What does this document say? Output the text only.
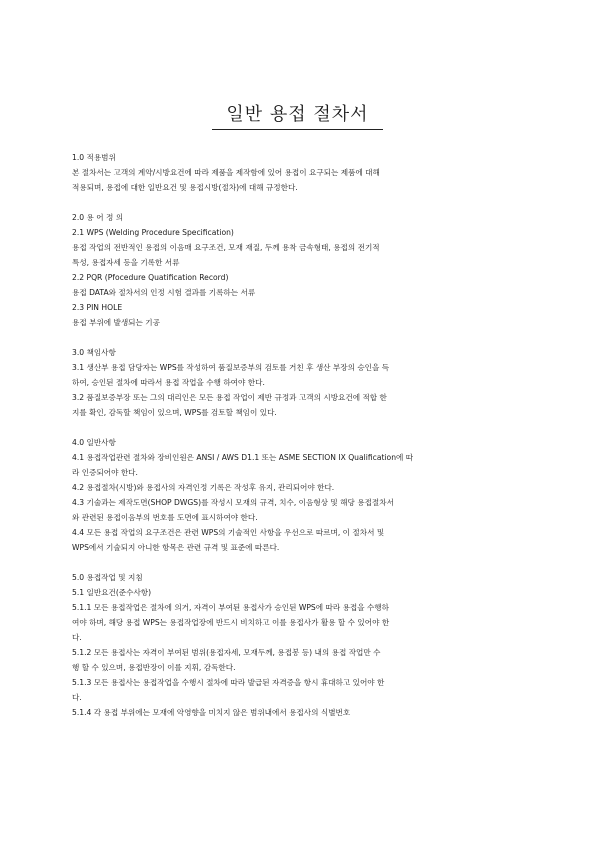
일반 용접 절차서
1.0 적용범위
본 절차서는 고객의 계약/시방요건에 따라 제품을 제작함에 있어 용접이 요구되는 제품에 대해
적용되며, 용접에 대한 일반요건 및 용접시방(절차)에 대해 규정한다.
2.0 용 어 정 의
2.1 WPS (Welding Procedure Specification)
용접 작업의 전반적인 용접의 이음매 요구조건, 모재 재질, 두께 용착 금속형태, 용접의 전기적
특성, 용접자세 등을 기록한 서류
2.2 PQR (Pfocedure Quatification Record)
용접 DATA와 절차서의 인정 시험 결과를 기록하는 서류
2.3 PIN HOLE
용접 부위에 발생되는 기공
3.0 책임사항
3.1 생산부 용접 담당자는 WPS를 작성하여 품질보증부의 검토를 거친 후 생산 부장의 승인을 득
하여, 승인된 절차에 따라서 용접 작업을 수행 하여야 한다.
3.2 품질보증부장 또는 그의 대리인은 모든 용접 작업이 제반 규정과 고객의 시방요건에 적합 한
지를 확인, 감독할 책임이 있으며, WPS를 검토할 책임이 있다.
4.0 일반사항
4.1 용접작업관련 절차와 장비인원은 ANSI / AWS D1.1 또는 ASME SECTION IX Qualification에 따
라 인증되어야 한다.
4.2 용접절차(시방)와 용접사의 자격인정 기록은 작성후 유지, 관리되어야 한다.
4.3 기술과는 제작도면(SHOP DWGS)를 작성시 모재의 규격, 치수, 이음형상 및 해당 용접절차서
와 관련된 용접이음부의 번호를 도면에 표시하여야 한다.
4.4 모든 용접 작업의 요구조건은 관련 WPS의 기술적인 사항을 우선으로 따르며, 이 절차서 및
WPS에서 기술되지 아니한 항목은 관련 규격 및 표준에 따른다.
5.0 용접작업 및 지침
5.1 일반요건(준수사항)
5.1.1 모든 용접작업은 절차에 의거, 자격이 부여된 용접사가 승인된 WPS에 따라 용접을 수행하
여야 하며, 해당 용접 WPS는 용접작업장에 반드시 비치하고 이를 용접사가 활용 할 수 있어야 한
다.
5.1.2 모든 용접사는 자격이 부여된 범위(용접자세, 모재두께, 용접봉 등) 내의 용접 작업만 수
행 할 수 있으며, 용접반장이 이를 지휘, 감독한다.
5.1.3 모든 용접사는 용접작업을 수행시 절차에 따라 발급된 자격증을 항시 휴대하고 있어야 한
다.
5.1.4 각 용접 부위에는 모재에 악영향을 미치지 않은 범위내에서 용접사의 식별번호
